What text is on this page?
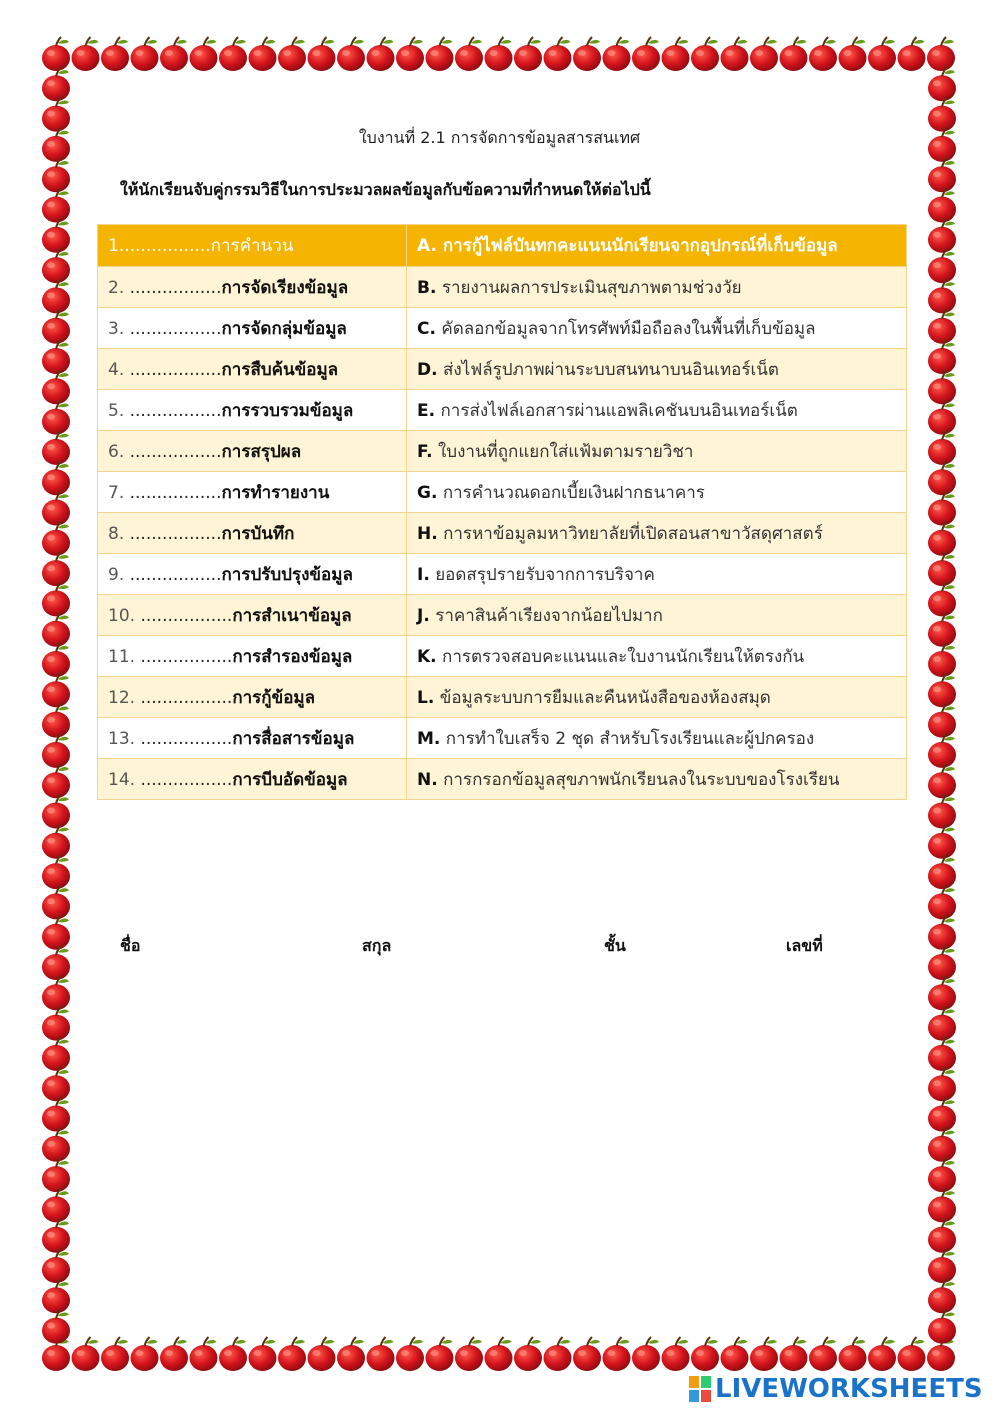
ใบงานที่ 2.1 การจัดการข้อมูลสารสนเทศ
ให้นักเรียนจับคู่กรรมวิธีในการประมวลผลข้อมูลกับข้อความที่กำหนดให้ต่อไปนี้
1.................การคำนวน	A. การกู้ไฟล์บันทกคะแนนนักเรียนจากอุปกรณ์ที่เก็บข้อมูล
2. .................การจัดเรียงข้อมูล	B. รายงานผลการประเมินสุขภาพตามช่วงวัย
3. .................การจัดกลุ่มข้อมูล	C. คัดลอกข้อมูลจากโทรศัพท์มือถือลงในพื้นที่เก็บข้อมูล
4. .................การสืบค้นข้อมูล	D. ส่งไฟล์รูปภาพผ่านระบบสนทนาบนอินเทอร์เน็ต
5. .................การรวบรวมข้อมูล	E. การส่งไฟล์เอกสารผ่านแอพลิเคชันบนอินเทอร์เน็ต
6. .................การสรุปผล	F. ใบงานที่ถูกแยกใส่แฟ้มตามรายวิชา
7. .................การทำรายงาน	G. การคำนวณดอกเบี้ยเงินฝากธนาคาร
8. .................การบันทึก	H. การหาข้อมูลมหาวิทยาลัยที่เปิดสอนสาขาวัสดุศาสตร์
9. .................การปรับปรุงข้อมูล	I. ยอดสรุปรายรับจากการบริจาค
10. .................การสำเนาข้อมูล	J. ราคาสินค้าเรียงจากน้อยไปมาก
11. .................การสำรองข้อมูล	K. การตรวจสอบคะแนนและใบงานนักเรียนให้ตรงกัน
12. .................การกู้ข้อมูล	L. ข้อมูลระบบการยืมและคืนหนังสือของห้องสมุด
13. .................การสื่อสารข้อมูล	M. การทำใบเสร็จ 2 ชุด สำหรับโรงเรียนและผู้ปกครอง
14. .................การบีบอัดข้อมูล	N. การกรอกข้อมูลสุขภาพนักเรียนลงในระบบของโรงเรียน
ชื่อ	สกุล	ชั้น	เลขที่
LIVEWORKSHEETS
